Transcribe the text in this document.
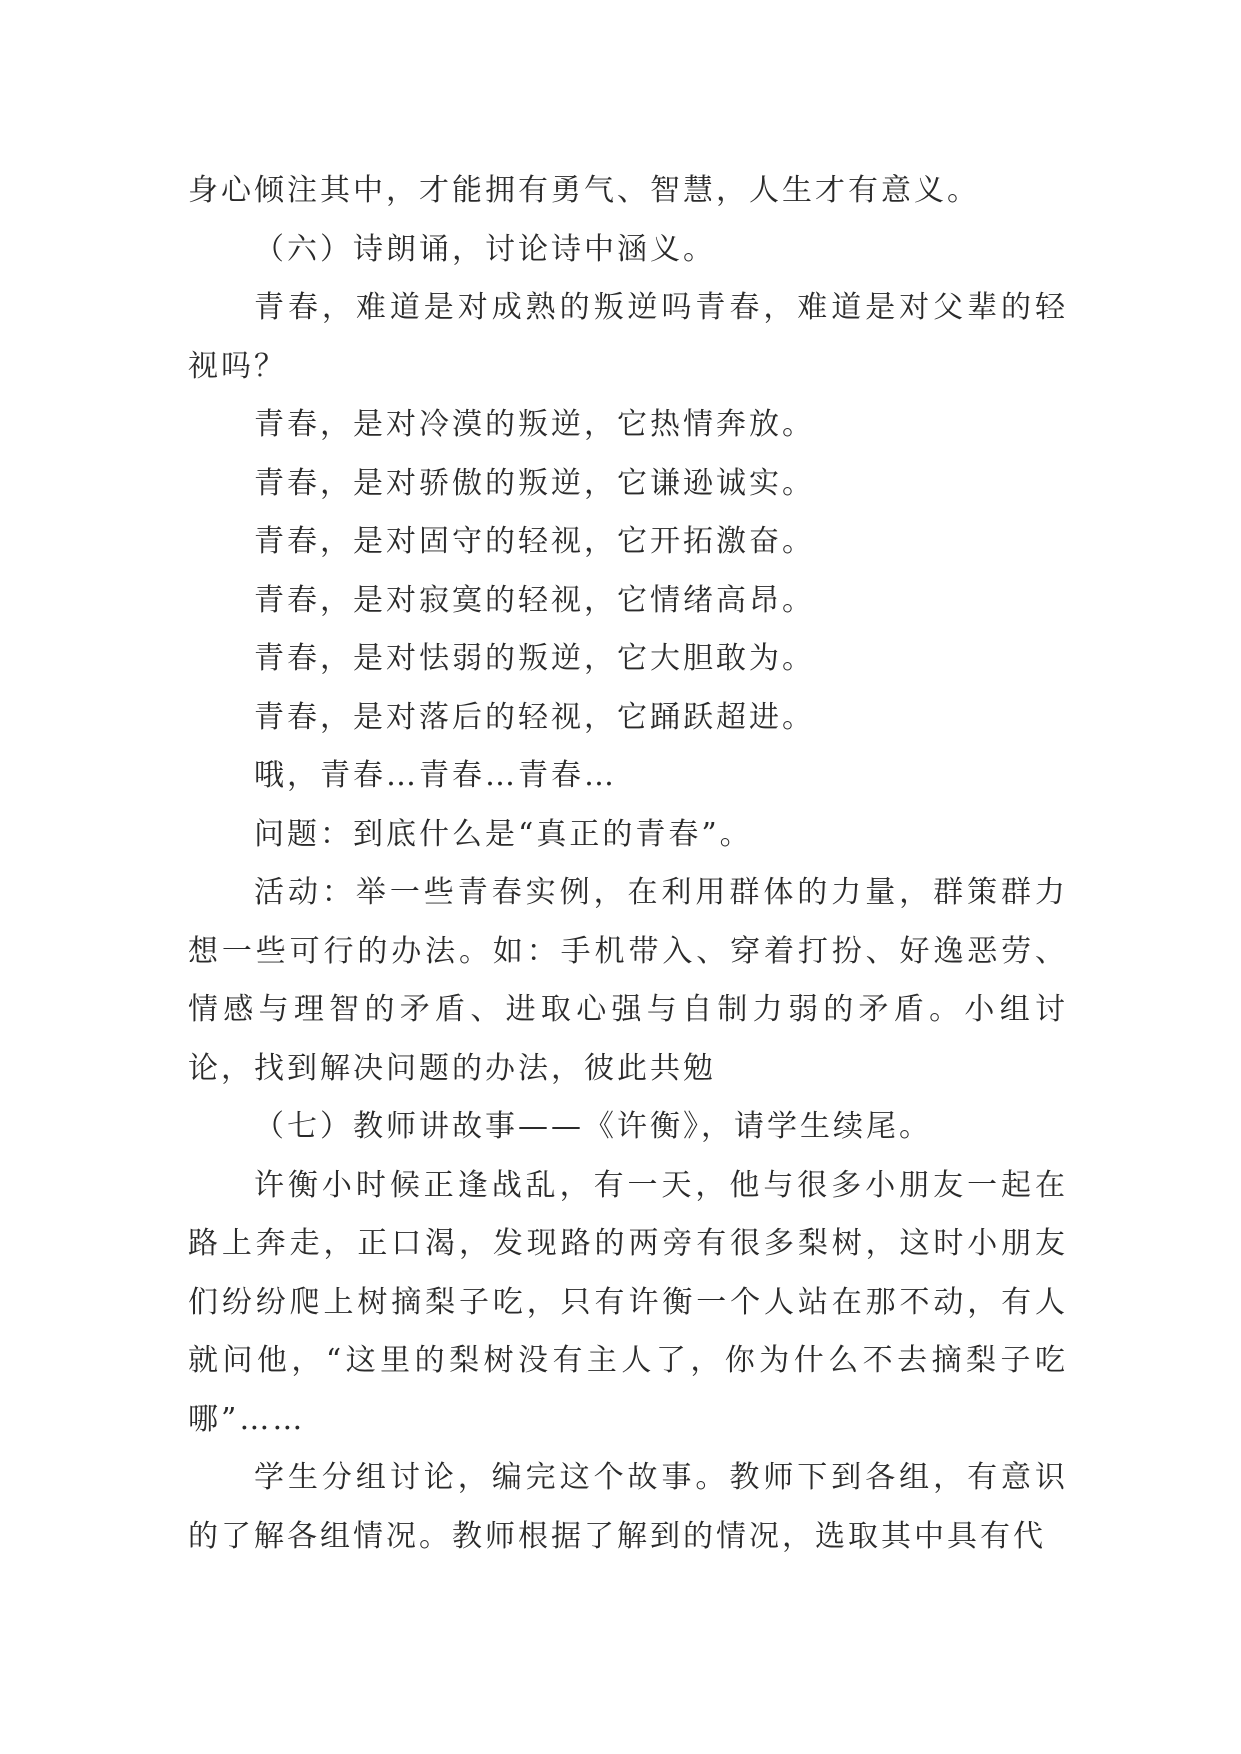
身心倾注其中，才能拥有勇气、智慧，人生才有意义。

（六）诗朗诵，讨论诗中涵义。

青春，难道是对成熟的叛逆吗青春，难道是对父辈的轻视吗？

青春，是对冷漠的叛逆，它热情奔放。

青春，是对骄傲的叛逆，它谦逊诚实。

青春，是对固守的轻视，它开拓激奋。

青春，是对寂寞的轻视，它情绪高昂。

青春，是对怯弱的叛逆，它大胆敢为。

青春，是对落后的轻视，它踊跃超进。

哦，青春…青春…青春…

问题：到底什么是“真正的青春”。

活动：举一些青春实例，在利用群体的力量，群策群力想一些可行的办法。如：手机带入、穿着打扮、好逸恶劳、情感与理智的矛盾、进取心强与自制力弱的矛盾。小组讨论，找到解决问题的办法，彼此共勉

（七）教师讲故事——《许衡》，请学生续尾。

许衡小时候正逢战乱，有一天，他与很多小朋友一起在路上奔走，正口渴，发现路的两旁有很多梨树，这时小朋友们纷纷爬上树摘梨子吃，只有许衡一个人站在那不动，有人就问他，“这里的梨树没有主人了，你为什么不去摘梨子吃哪”……

学生分组讨论，编完这个故事。教师下到各组，有意识的了解各组情况。教师根据了解到的情况，选取其中具有代
